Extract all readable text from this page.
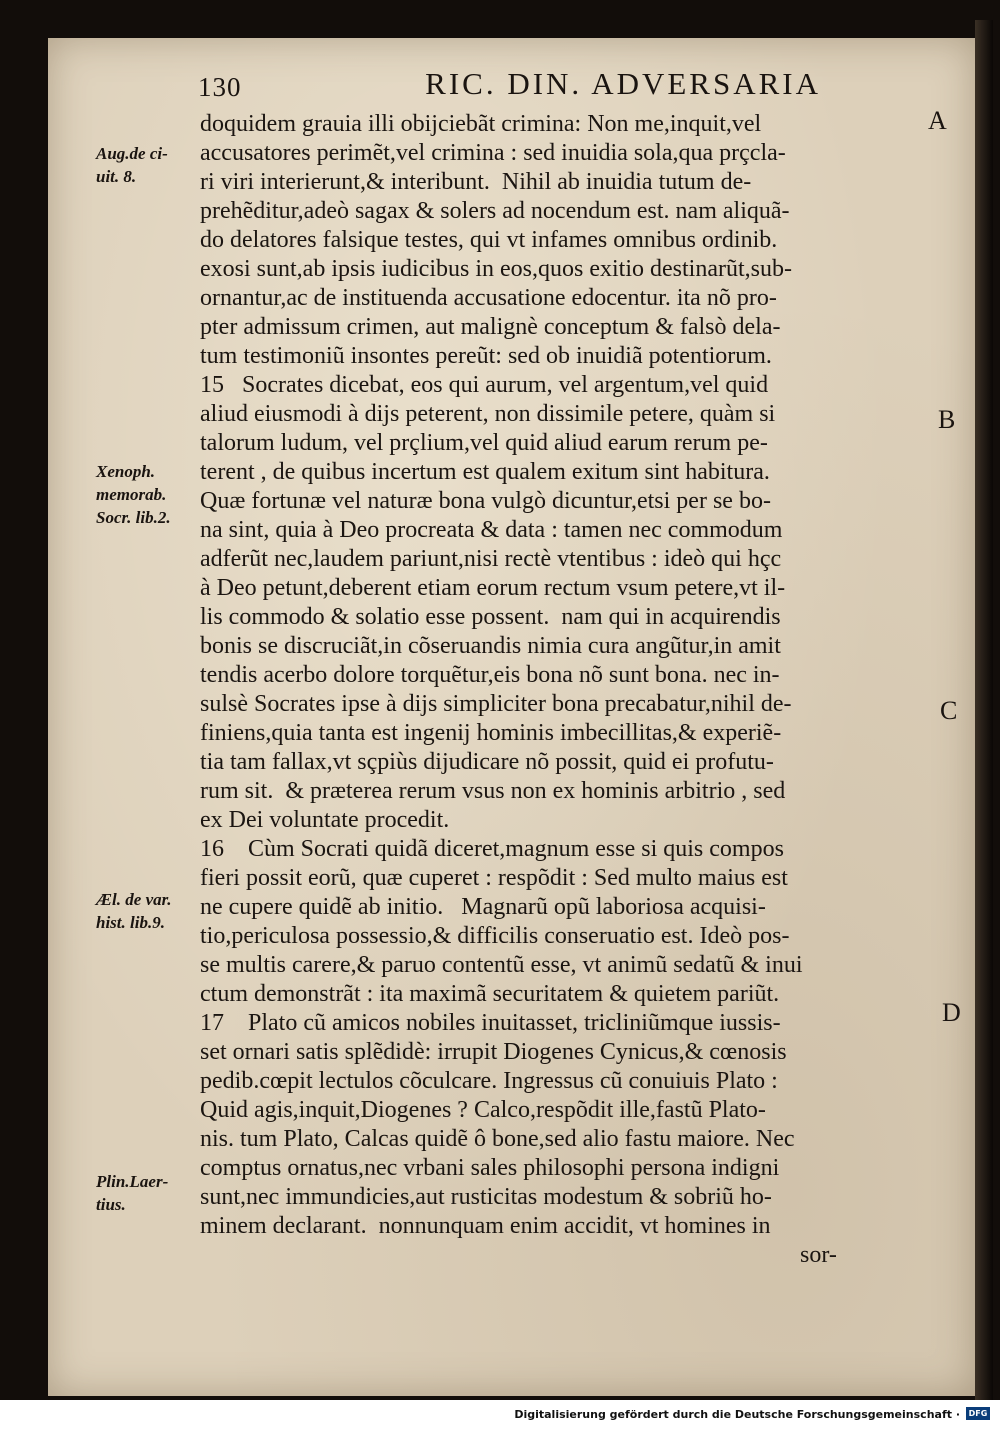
130	RIC. DIN. ADVERSARIA
doquidem grauia illi obijciebãt crimina: Non me,inquit,vel
accusatores perimẽt,vel crimina : sed inuidia sola,qua prçcla-
ri viri interierunt,& interibunt.  Nihil ab inuidia tutum de-
prehẽditur,adeò sagax & solers ad nocendum est. nam aliquã-
do delatores falsique testes, qui vt infames omnibus ordinib.
exosi sunt,ab ipsis iudicibus in eos,quos exitio destinarũt,sub-
ornantur,ac de instituenda accusatione edocentur. ita nõ pro-
pter admissum crimen, aut malignè conceptum & falsò dela-
tum testimoniũ insontes pereũt: sed ob inuidiã potentiorum.
15   Socrates dicebat, eos qui aurum, vel argentum,vel quid
aliud eiusmodi à dijs peterent, non dissimile petere, quàm si
talorum ludum, vel prçlium,vel quid aliud earum rerum pe-
terent , de quibus incertum est qualem exitum sint habitura.
Quæ fortunæ vel naturæ bona vulgò dicuntur,etsi per se bo-
na sint, quia à Deo procreata & data : tamen nec commodum
adferũt nec,laudem pariunt,nisi rectè vtentibus : ideò qui hçc
à Deo petunt,deberent etiam eorum rectum vsum petere,vt il-
lis commodo & solatio esse possent.  nam qui in acquirendis
bonis se discruciãt,in cõseruandis nimia cura angũtur,in amit
tendis acerbo dolore torquẽtur,eis bona nõ sunt bona. nec in-
sulsè Socrates ipse à dijs simpliciter bona precabatur,nihil de-
finiens,quia tanta est ingenij hominis imbecillitas,& experiẽ-
tia tam fallax,vt sçpiùs dijudicare nõ possit, quid ei profutu-
rum sit.  & præterea rerum vsus non ex hominis arbitrio , sed
ex Dei voluntate procedit.
16    Cùm Socrati quidã diceret,magnum esse si quis compos
fieri possit eorũ, quæ cuperet : respõdit : Sed multo maius est
ne cupere quidẽ ab initio.   Magnarũ opũ laboriosa acquisi-
tio,periculosa possessio,& difficilis conseruatio est. Ideò pos-
se multis carere,& paruo contentũ esse, vt animũ sedatũ & inui
ctum demonstrãt : ita maximã securitatem & quietem pariũt.
17    Plato cũ amicos nobiles inuitasset, tricliniũmque iussis-
set ornari satis splẽdidè: irrupit Diogenes Cynicus,& cœnosis
pedib.cœpit lectulos cõculcare. Ingressus cũ conuiuis Plato :
Quid agis,inquit,Diogenes ? Calco,respõdit ille,fastũ Plato-
nis. tum Plato, Calcas quidẽ ô bone,sed alio fastu maiore. Nec
comptus ornatus,nec vrbani sales philosophi persona indigni
sunt,nec immundicies,aut rusticitas modestum & sobriũ ho-
minem declarant.  nonnunquam enim accidit, vt homines in
sor-
Aug.de ci-
uit. 8.
Xenoph.
memorab.
Socr. lib.2.
Æl. de var.
hist. lib.9.
Plin.Laer-
tius.
A
B
C
D
Digitalisierung gefördert durch die Deutsche Forschungsgemeinschaft ·	DFG
